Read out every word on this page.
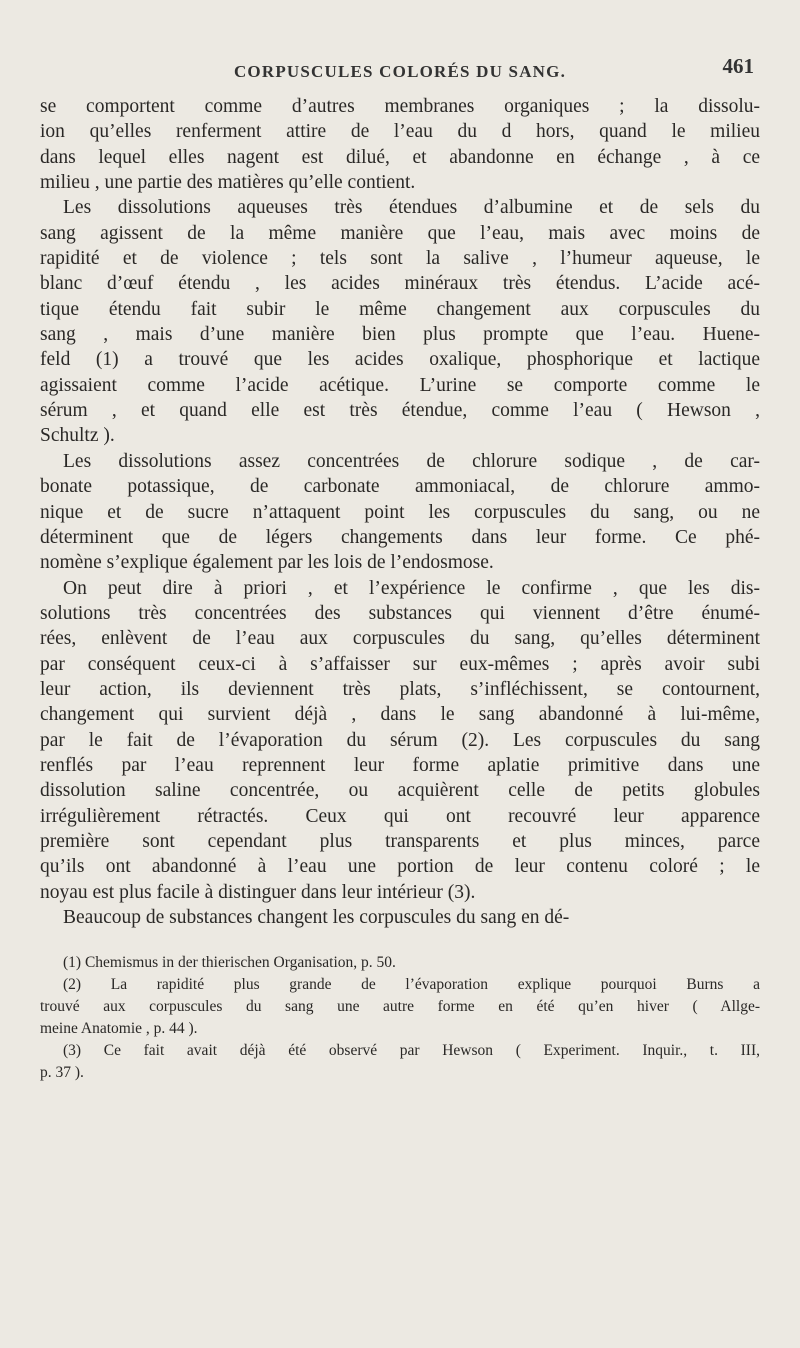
CORPUSCULES COLORÉS DU SANG.	461
se comportent comme d’autres membranes organiques ; la dissolu-
ion qu’elles renferment attire de l’eau du d hors, quand le milieu
dans lequel elles nagent est dilué, et abandonne en échange , à ce
milieu , une partie des matières qu’elle contient.
Les dissolutions aqueuses très étendues d’albumine et de sels du
sang agissent de la même manière que l’eau, mais avec moins de
rapidité et de violence ; tels sont la salive , l’humeur aqueuse, le
blanc d’œuf étendu , les acides minéraux très étendus. L’acide acé-
tique étendu fait subir le même changement aux corpuscules du
sang , mais d’une manière bien plus prompte que l’eau. Huene-
feld (1) a trouvé que les acides oxalique, phosphorique et lactique
agissaient comme l’acide acétique. L’urine se comporte comme le
sérum , et quand elle est très étendue, comme l’eau ( Hewson ,
Schultz ).
Les dissolutions assez concentrées de chlorure sodique , de car-
bonate potassique, de carbonate ammoniacal, de chlorure ammo-
nique et de sucre n’attaquent point les corpuscules du sang, ou ne
déterminent que de légers changements dans leur forme. Ce phé-
nomène s’explique également par les lois de l’endosmose.
On peut dire à priori , et l’expérience le confirme , que les dis-
solutions très concentrées des substances qui viennent d’être énumé-
rées, enlèvent de l’eau aux corpuscules du sang, qu’elles déterminent
par conséquent ceux-ci à s’affaisser sur eux-mêmes ; après avoir subi
leur action, ils deviennent très plats, s’infléchissent, se contournent,
changement qui survient déjà , dans le sang abandonné à lui-même,
par le fait de l’évaporation du sérum (2). Les corpuscules du sang
renflés par l’eau reprennent leur forme aplatie primitive dans une
dissolution saline concentrée, ou acquièrent celle de petits globules
irrégulièrement rétractés. Ceux qui ont recouvré leur apparence
première sont cependant plus transparents et plus minces, parce
qu’ils ont abandonné à l’eau une portion de leur contenu coloré ; le
noyau est plus facile à distinguer dans leur intérieur (3).
Beaucoup de substances changent les corpuscules du sang en dé-
(1) Chemismus in der thierischen Organisation, p. 50.
(2) La rapidité plus grande de l’évaporation explique pourquoi Burns a
trouvé aux corpuscules du sang une autre forme en été qu’en hiver ( Allge-
meine Anatomie , p. 44 ).
(3) Ce fait avait déjà été observé par Hewson ( Experiment. Inquir., t. III,
p. 37 ).
